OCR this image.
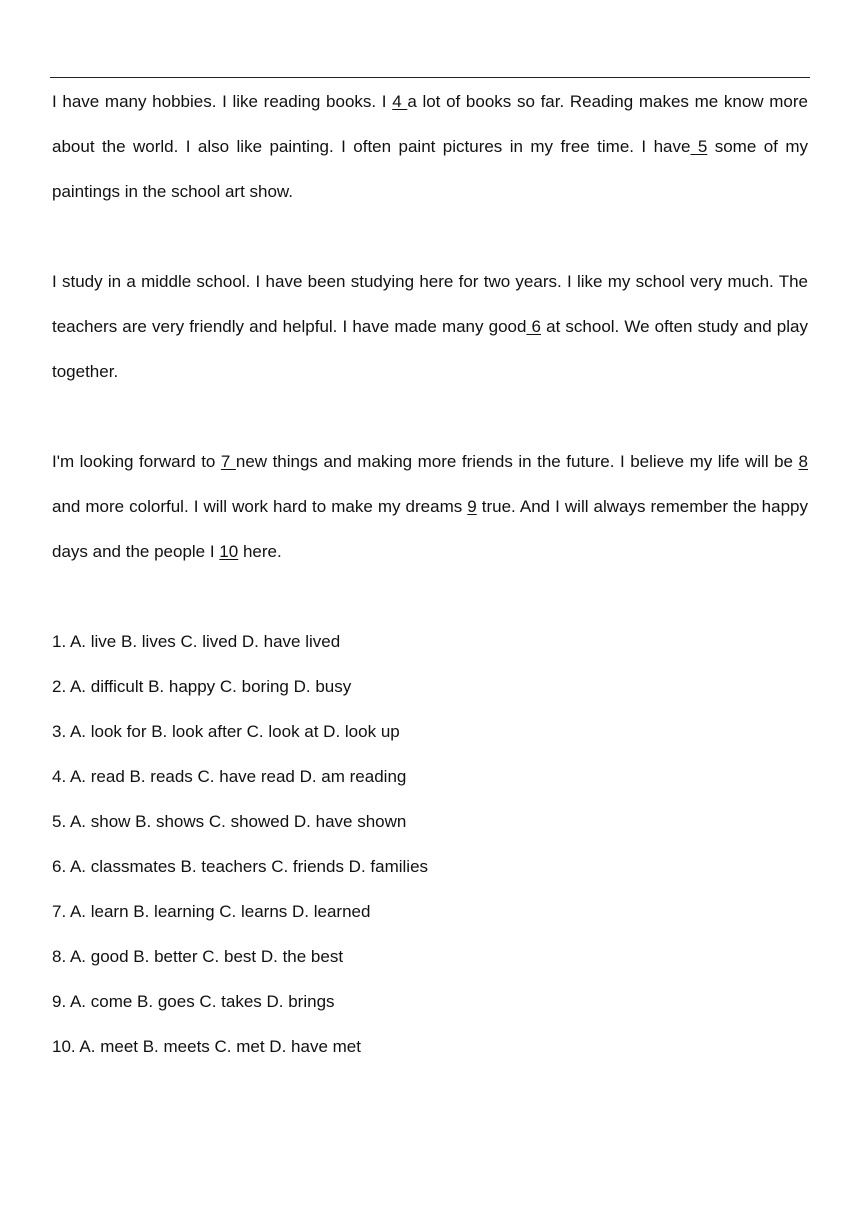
I have many hobbies. I like reading books. I 4 a lot of books so far. Reading makes me know more about the world. I also like painting. I often paint pictures in my free time. I have 5 some of my paintings in the school art show.

I study in a middle school. I have been studying here for two years. I like my school very much. The teachers are very friendly and helpful. I have made many good 6 at school. We often study and play together.

I'm looking forward to 7 new things and making more friends in the future. I believe my life will be 8 and more colorful. I will work hard to make my dreams 9 true. And I will always remember the happy days and the people I 10 here.

1. A. live B. lives C. lived D. have lived

2. A. difficult B. happy C. boring D. busy

3. A. look for B. look after C. look at D. look up

4. A. read B. reads C. have read D. am reading

5. A. show B. shows C. showed D. have shown

6. A. classmates B. teachers C. friends D. families

7. A. learn B. learning C. learns D. learned

8. A. good B. better C. best D. the best

9. A. come B. goes C. takes D. brings

10. A. meet B. meets C. met D. have met
